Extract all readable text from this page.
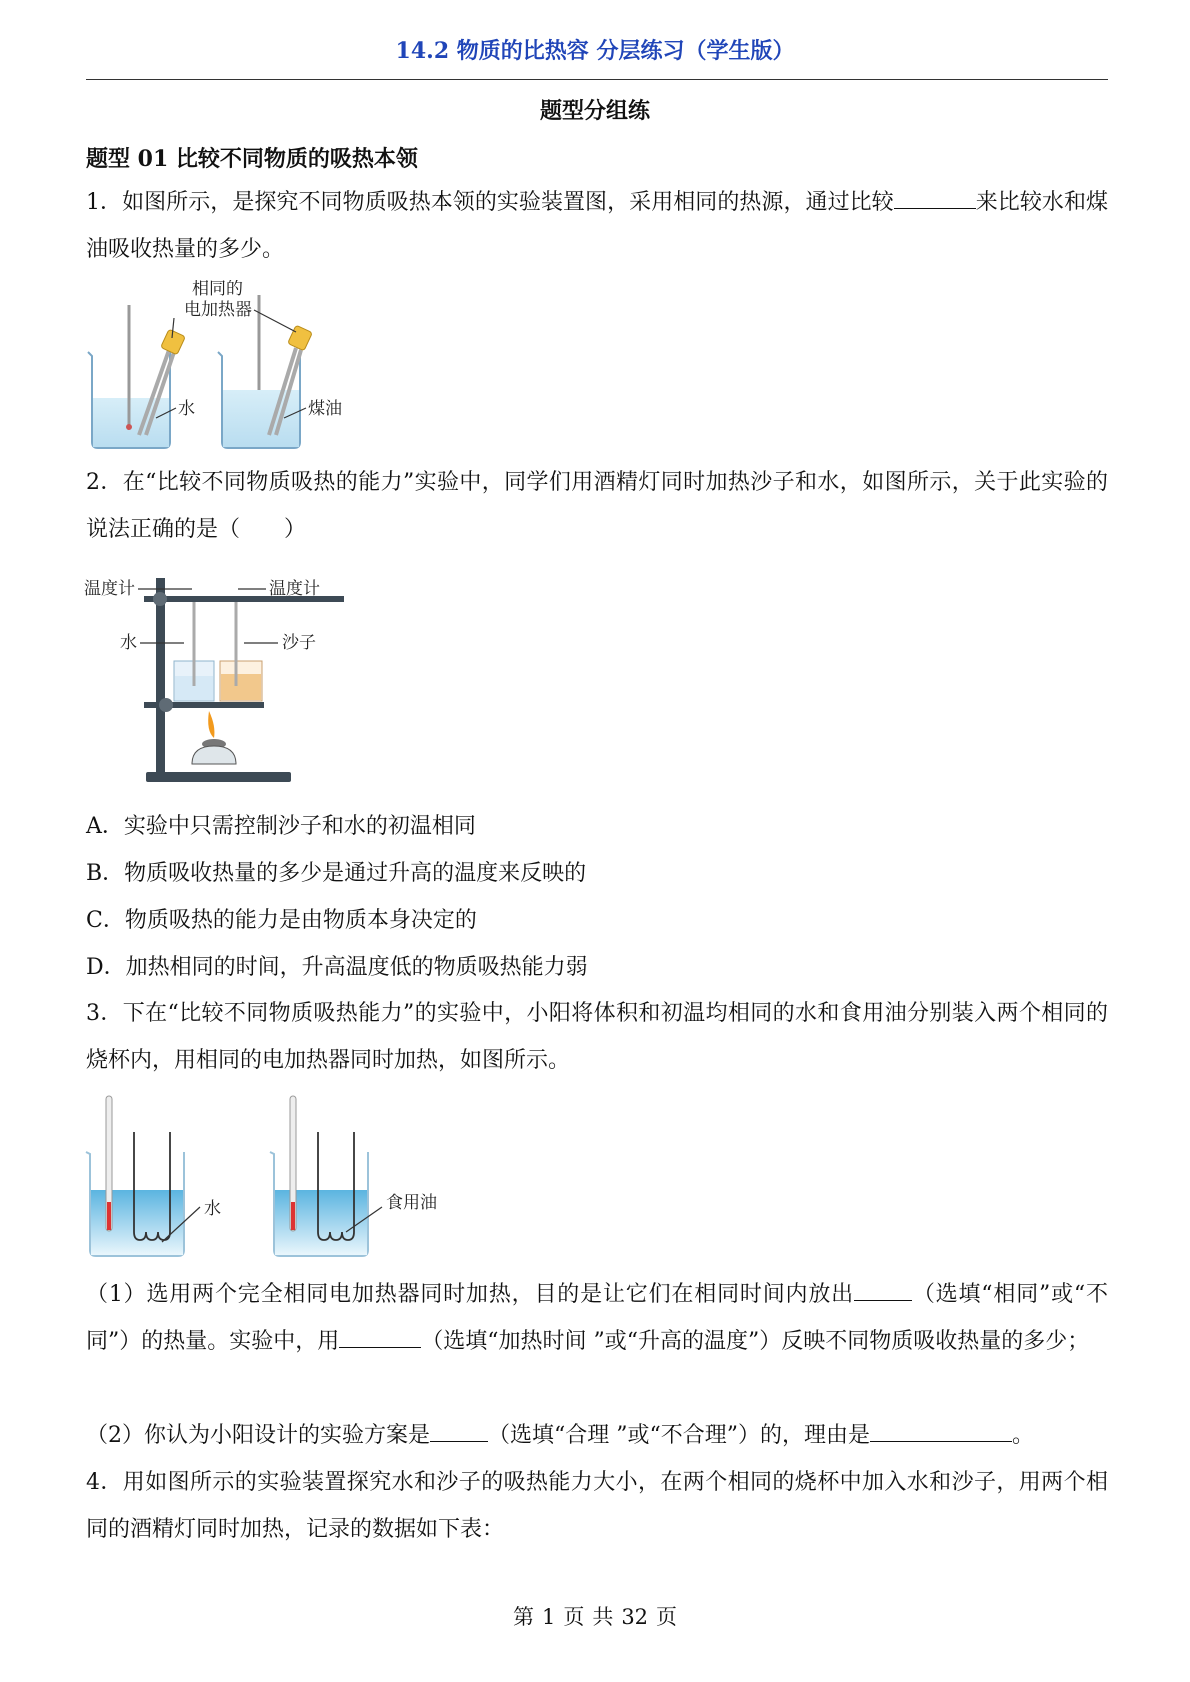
14.2 物质的比热容 分层练习（学生版）
题型分组练
题型 01 比较不同物质的吸热本领
1．如图所示，是探究不同物质吸热本领的实验装置图，采用相同的热源，通过比较	来比较水和煤油吸收热量的多少。
水	煤油
相同的
电加热器
2．在“比较不同物质吸热的能力”实验中，同学们用酒精灯同时加热沙子和水，如图所示，关于此实验的说法正确的是（　　）
温度计	温度计
水	沙子
A．实验中只需控制沙子和水的初温相同
B．物质吸收热量的多少是通过升高的温度来反映的
C．物质吸热的能力是由物质本身决定的
D．加热相同的时间，升高温度低的物质吸热能力弱
3．下在“比较不同物质吸热能力”的实验中，小阳将体积和初温均相同的水和食用油分别装入两个相同的烧杯内，用相同的电加热器同时加热，如图所示。
水	食用油
（1）选用两个完全相同电加热器同时加热，目的是让它们在相同时间内放出	（选填“相同”或“不同”）的热量。实验中，用	（选填“加热时间 ”或“升高的温度”）反映不同物质吸收热量的多少；
（2）你认为小阳设计的实验方案是	（选填“合理 ”或“不合理”）的，理由是	。
4．用如图所示的实验装置探究水和沙子的吸热能力大小，在两个相同的烧杯中加入水和沙子，用两个相同的酒精灯同时加热，记录的数据如下表：
第 1 页 共 32 页
